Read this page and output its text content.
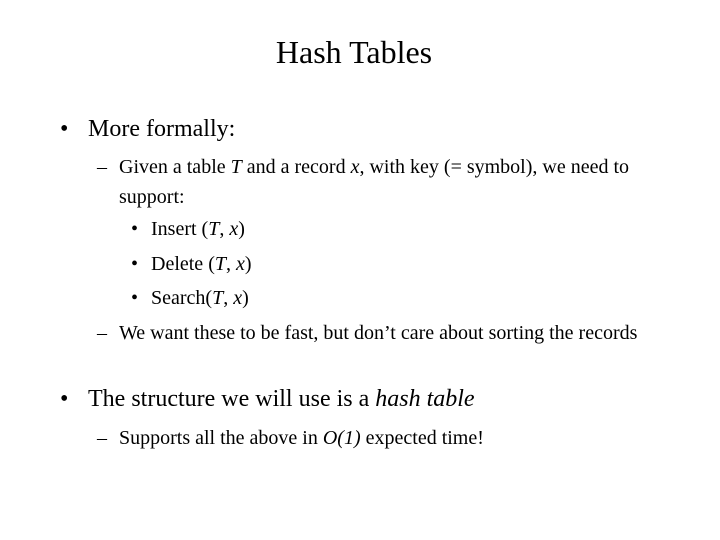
Hash Tables
• More formally:
– Given a table T and a record x, with key (= symbol), we need to support:
• Insert (T, x)
• Delete (T, x)
• Search(T, x)
– We want these to be fast, but don’t care about sorting the records
• The structure we will use is a hash table
– Supports all the above in O(1) expected time!
